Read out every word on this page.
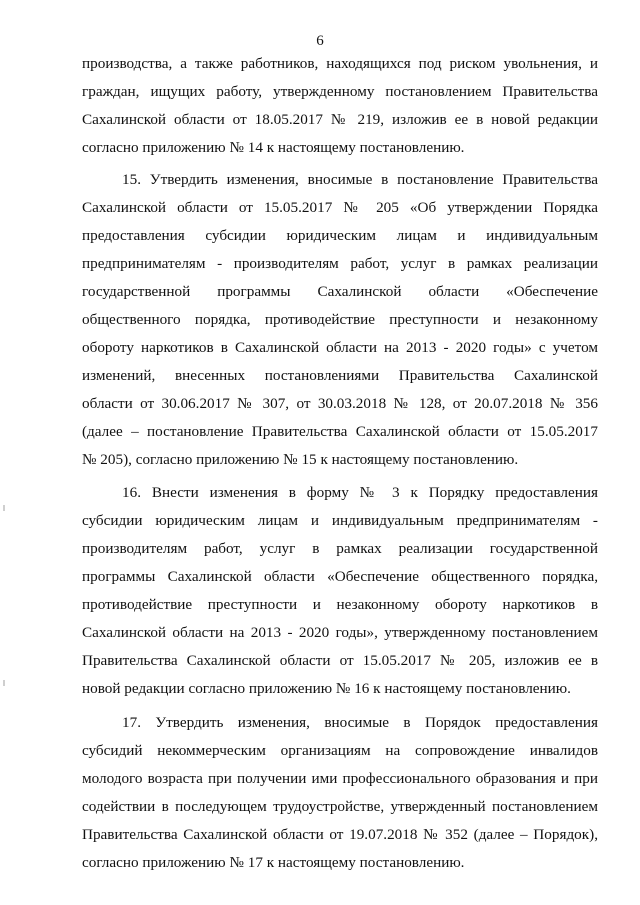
6
производства, а также работников, находящихся под риском увольнения, и
граждан, ищущих работу, утвержденному постановлением Правительства
Сахалинской области от 18.05.2017 № 219, изложив ее в новой редакции
согласно приложению № 14 к настоящему постановлению.
15. Утвердить изменения, вносимые в постановление Правительства
Сахалинской области от 15.05.2017 № 205 «Об утверждении Порядка
предоставления субсидии юридическим лицам и индивидуальным
предпринимателям - производителям работ, услуг в рамках реализации
государственной программы Сахалинской области «Обеспечение
общественного порядка, противодействие преступности и незаконному
обороту наркотиков в Сахалинской области на 2013 - 2020 годы» с учетом
изменений, внесенных постановлениями Правительства Сахалинской
области от 30.06.2017 № 307, от 30.03.2018 № 128, от 20.07.2018 № 356
(далее – постановление Правительства Сахалинской области от 15.05.2017
№ 205), согласно приложению № 15 к настоящему постановлению.
16. Внести изменения в форму № 3 к Порядку предоставления
субсидии юридическим лицам и индивидуальным предпринимателям -
производителям работ, услуг в рамках реализации государственной
программы Сахалинской области «Обеспечение общественного порядка,
противодействие преступности и незаконному обороту наркотиков в
Сахалинской области на 2013 - 2020 годы», утвержденному постановлением
Правительства Сахалинской области от 15.05.2017 № 205, изложив ее в
новой редакции согласно приложению № 16 к настоящему постановлению.
17. Утвердить изменения, вносимые в Порядок предоставления
субсидий некоммерческим организациям на сопровождение инвалидов
молодого возраста при получении ими профессионального образования и при
содействии в последующем трудоустройстве, утвержденный постановлением
Правительства Сахалинской области от 19.07.2018 № 352 (далее – Порядок),
согласно приложению № 17 к настоящему постановлению.
